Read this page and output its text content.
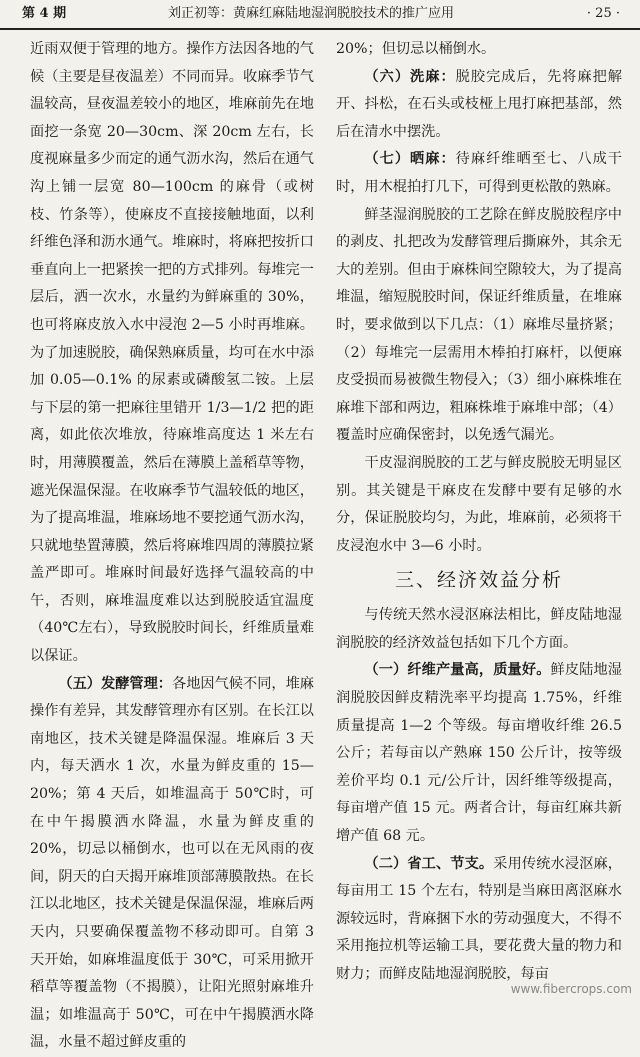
第 4 期	刘正初等：黄麻红麻陆地湿润脱胶技术的推广应用	· 25 ·

近雨双便于管理的地方。操作方法因各地的气候（主要是昼夜温差）不同而异。收麻季节气温较高，昼夜温差较小的地区，堆麻前先在地面挖一条宽 20—30cm、深 20cm 左右，长度视麻量多少而定的通气沥水沟，然后在通气沟上铺一层宽 80—100cm 的麻骨（或树枝、竹条等），使麻皮不直接接触地面，以利纤维色泽和沥水通气。堆麻时，将麻把按折口垂直向上一把紧挨一把的方式排列。每堆完一层后，洒一次水，水量约为鲜麻重的 30%，也可将麻皮放入水中浸泡 2—5 小时再堆麻。为了加速脱胶，确保熟麻质量，均可在水中添加 0.05—0.1% 的尿素或磷酸氢二铵。上层与下层的第一把麻往里错开 1/3—1/2 把的距离，如此依次堆放，待麻堆高度达 1 米左右时，用薄膜覆盖，然后在薄膜上盖稻草等物，遮光保温保湿。在收麻季节气温较低的地区，为了提高堆温，堆麻场地不要挖通气沥水沟，只就地垫置薄膜，然后将麻堆四周的薄膜拉紧盖严即可。堆麻时间最好选择气温较高的中午，否则，麻堆温度难以达到脱胶适宜温度（40℃左右），导致脱胶时间长，纤维质量难以保证。

（五）发酵管理：各地因气候不同，堆麻操作有差异，其发酵管理亦有区别。在长江以南地区，技术关键是降温保湿。堆麻后 3 天内，每天洒水 1 次，水量为鲜皮重的 15—20%；第 4 天后，如堆温高于 50℃时，可在中午揭膜洒水降温，水量为鲜皮重的 20%，切忌以桶倒水，也可以在无风雨的夜间，阴天的白天揭开麻堆顶部薄膜散热。在长江以北地区，技术关键是保温保湿，堆麻后两天内，只要确保覆盖物不移动即可。自第 3 天开始，如麻堆温度低于 30℃，可采用掀开稻草等覆盖物（不揭膜），让阳光照射麻堆升温；如堆温高于 50℃，可在中午揭膜洒水降温，水量不超过鲜皮重的

20%；但切忌以桶倒水。

（六）洗麻：脱胶完成后，先将麻把解开、抖松，在石头或枝桠上甩打麻把基部，然后在清水中摆洗。

（七）晒麻：待麻纤维晒至七、八成干时，用木棍拍打几下，可得到更松散的熟麻。

鲜茎湿润脱胶的工艺除在鲜皮脱胶程序中的剥皮、扎把改为发酵管理后撕麻外，其余无大的差别。但由于麻株间空隙较大，为了提高堆温，缩短脱胶时间，保证纤维质量，在堆麻时，要求做到以下几点：（1）麻堆尽量挤紧；（2）每堆完一层需用木棒拍打麻杆，以便麻皮受损而易被微生物侵入；（3）细小麻株堆在麻堆下部和两边，粗麻株堆于麻堆中部；（4）覆盖时应确保密封，以免透气漏光。

干皮湿润脱胶的工艺与鲜皮脱胶无明显区别。其关键是干麻皮在发酵中要有足够的水分，保证脱胶均匀，为此，堆麻前，必须将干皮浸泡水中 3—6 小时。

三、经济效益分析

与传统天然水浸沤麻法相比，鲜皮陆地湿润脱胶的经济效益包括如下几个方面。

（一）纤维产量高，质量好。鲜皮陆地湿润脱胶因鲜皮精洗率平均提高 1.75%，纤维质量提高 1—2 个等级。每亩增收纤维 26.5 公斤；若每亩以产熟麻 150 公斤计，按等级差价平均 0.1 元/公斤计，因纤维等级提高，每亩增产值 15 元。两者合计，每亩红麻共新增产值 68 元。

（二）省工、节支。采用传统水浸沤麻，每亩用工 15 个左右，特别是当麻田离沤麻水源较远时，背麻捆下水的劳动强度大，不得不采用拖拉机等运输工具，要花费大量的物力和财力；而鲜皮陆地湿润脱胶，每亩

www.fibercrops.com
